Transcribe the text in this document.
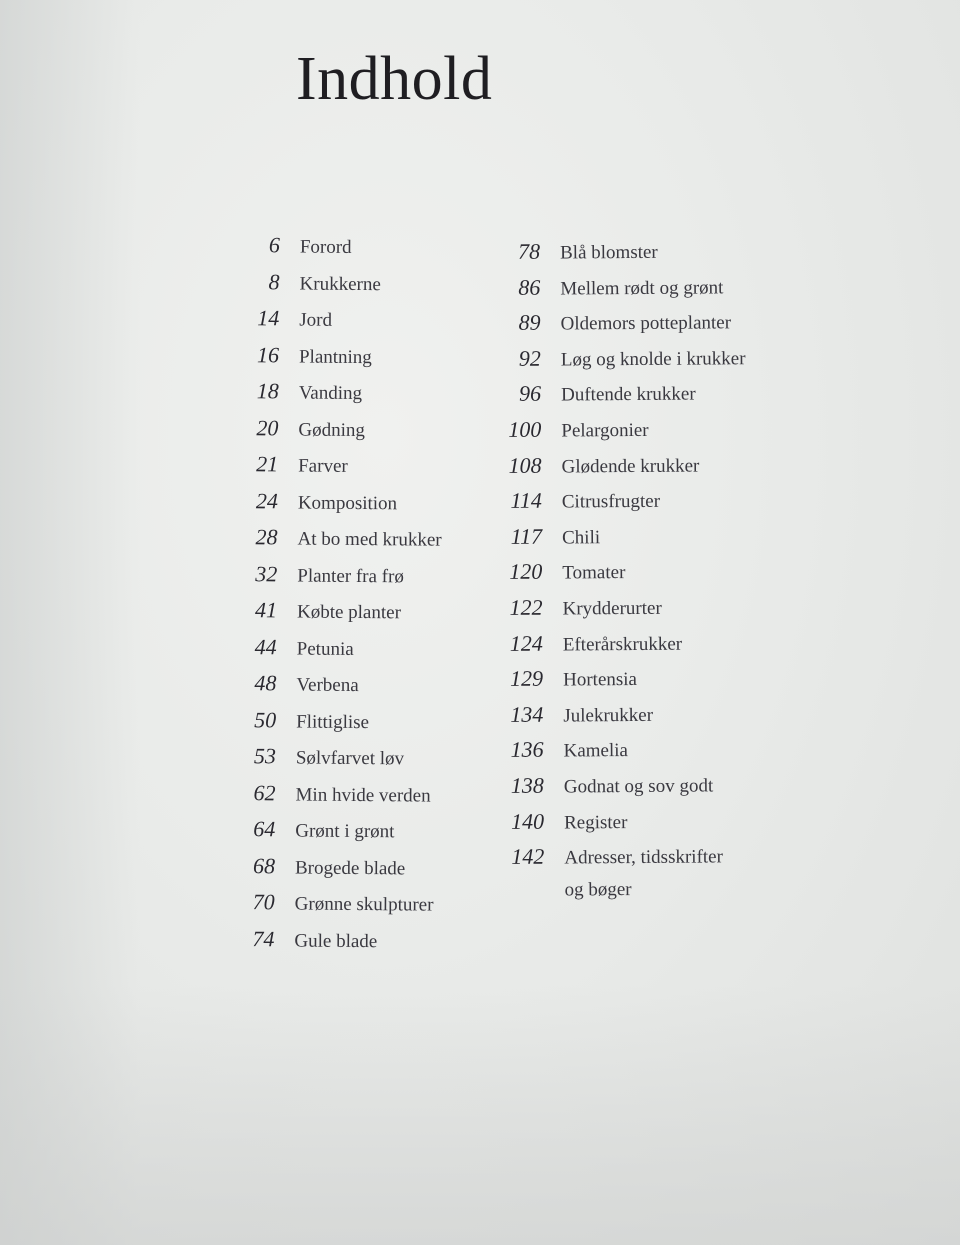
Indhold
6 Forord
8 Krukkerne
14 Jord
16 Plantning
18 Vanding
20 Gødning
21 Farver
24 Komposition
28 At bo med krukker
32 Planter fra frø
41 Købte planter
44 Petunia
48 Verbena
50 Flittiglise
53 Sølvfarvet løv
62 Min hvide verden
64 Grønt i grønt
68 Brogede blade
70 Grønne skulpturer
74 Gule blade
78 Blå blomster
86 Mellem rødt og grønt
89 Oldemors potteplanter
92 Løg og knolde i krukker
96 Duftende krukker
100 Pelargonier
108 Glødende krukker
114 Citrusfrugter
117 Chili
120 Tomater
122 Krydderurter
124 Efterårskrukker
129 Hortensia
134 Julekrukker
136 Kamelia
138 Godnat og sov godt
140 Register
142 Adresser, tidsskrifter
og bøger
